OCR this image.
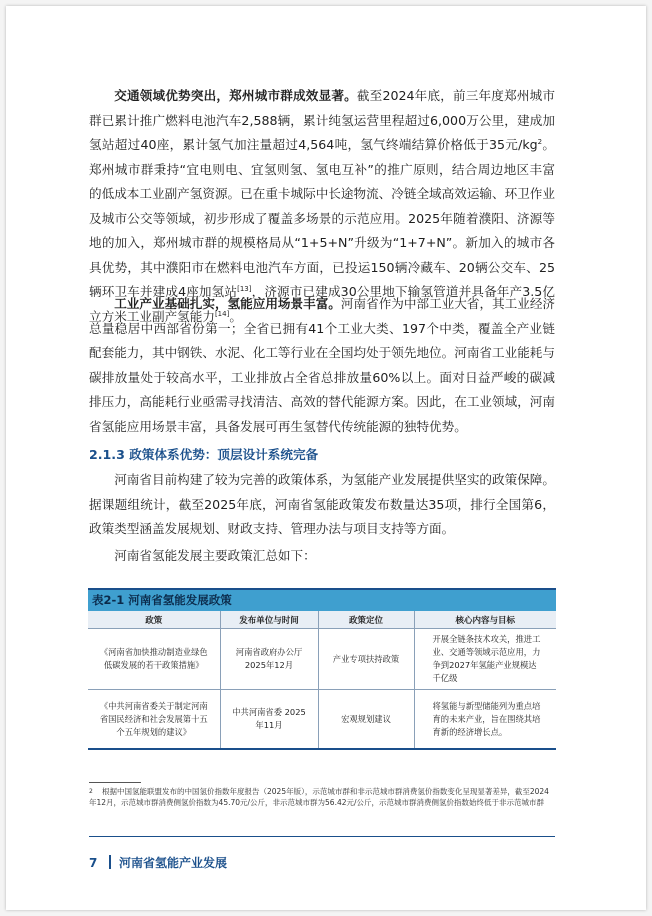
交通领域优势突出，郑州城市群成效显著。截至2024年底，前三年度郑州城市群已累计推广燃料电池汽车2,588辆，累计纯氢运营里程超过6,000万公里，建成加氢站超过40座，累计氢气加注量超过4,564吨，氢气终端结算价格低于35元$/kg^2$。郑州城市群秉持“宜电则电、宜氢则氢、氢电互补”的推广原则，结合周边地区丰富的低成本工业副产氢资源。已在重卡城际中长途物流、冷链全域高效运输、环卫作业及城市公交等领域，初步形成了覆盖多场景的示范应用。2025年随着濮阳、济源等地的加入，郑州城市群的规模格局从“1+5+N”升级为“1+7+N”。新加入的城市各具优势，其中濮阳市在燃料电池汽车方面，已投运150辆冷藏车、20辆公交车、25辆环卫车并建成4座加氢站[13]，济源市已建成30公里地下输氢管道并具备年产3.5亿立方米工业副产氢能力[14]。

工业产业基础扎实，氢能应用场景丰富。河南省作为中部工业大省，其工业经济总量稳居中西部省份第一；全省已拥有41个工业大类、197个中类，覆盖全产业链配套能力，其中钢铁、水泥、化工等行业在全国均处于领先地位。河南省工业能耗与碳排放量处于较高水平，工业排放占全省总排放量60%以上。面对日益严峻的碳减排压力，高能耗行业亟需寻找清洁、高效的替代能源方案。因此，在工业领域，河南省氢能应用场景丰富，具备发展可再生氢替代传统能源的独特优势。

2.1.3 政策体系优势：顶层设计系统完备

河南省目前构建了较为完善的政策体系，为氢能产业发展提供坚实的政策保障。据课题组统计，截至2025年底，河南省氢能政策发布数量达35项，排行全国第6，政策类型涵盖发展规划、财政支持、管理办法与项目支持等方面。

河南省氢能发展主要政策汇总如下：

表2-1 河南省氢能发展政策
政策	发布单位与时间	政策定位	核心内容与目标
《河南省加快推动制造业绿色低碳发展的若干政策措施》	河南省政府办公厅 2025年12月	产业专项扶持政策	开展全链条技术攻关，推进工业、交通等领域示范应用，力争到2027年氢能产业规模达千亿级
《中共河南省委关于制定河南省国民经济和社会发展第十五个五年规划的建议》	中共河南省委 2025年11月	宏观规划建议	将氢能与新型储能列为重点培育的未来产业，旨在围绕其培育新的经济增长点。

2 根据中国氢能联盟发布的中国氢价指数年度报告（2025年版），示范城市群和非示范城市群消费氢价指数变化呈现显著差异，截至2024年12月，示范城市群消费侧氢价指数为45.70元/公斤，非示范城市群为56.42元/公斤，示范城市群消费侧氢价指数始终低于非示范城市群

7 河南省氢能产业发展
